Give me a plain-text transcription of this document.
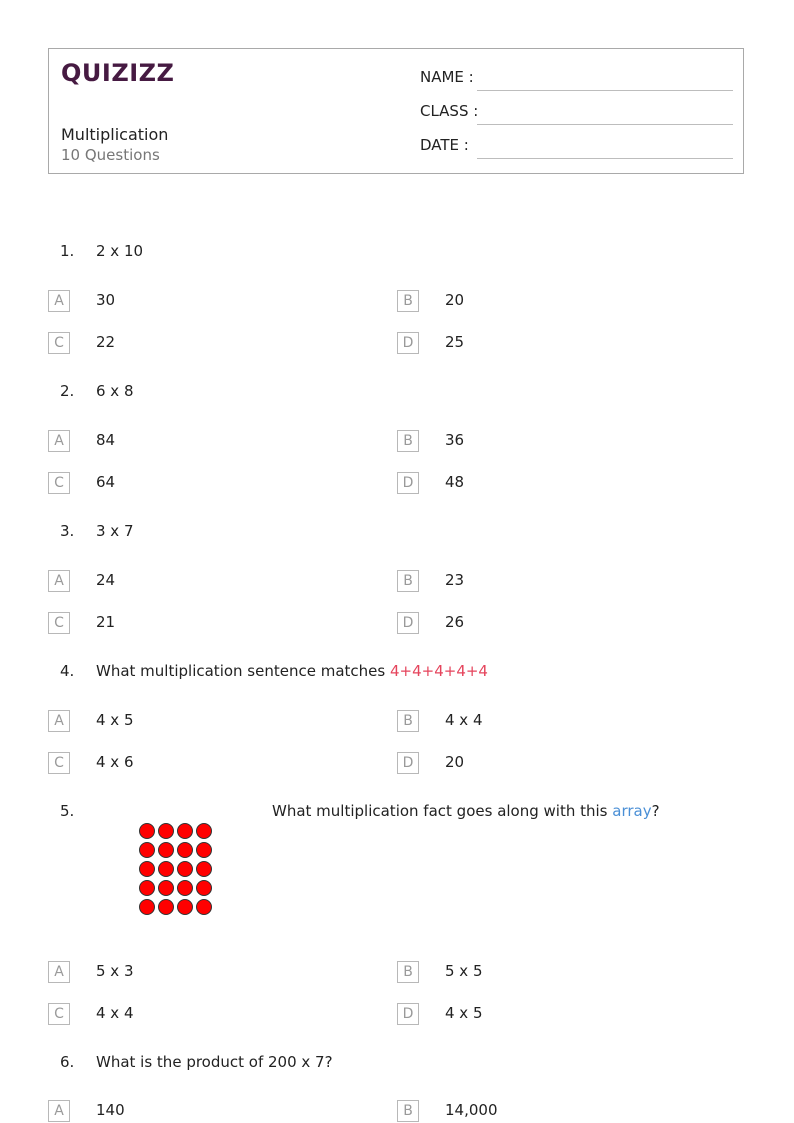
QUIZIZZ
Multiplication
10 Questions
NAME :
CLASS :
DATE :
1. 2 x 10
A	30	B	20
C	22	D	25
2. 6 x 8
A	84	B	36
C	64	D	48
3. 3 x 7
A	24	B	23
C	21	D	26
4. What multiplication sentence matches 4+4+4+4+4
A	4 x 5	B	4 x 4
C	4 x 6	D	20
5.	What multiplication fact goes along with this array?
A	5 x 3	B	5 x 5
C	4 x 4	D	4 x 5
6. What is the product of 200 x 7?
A	140	B	14,000
